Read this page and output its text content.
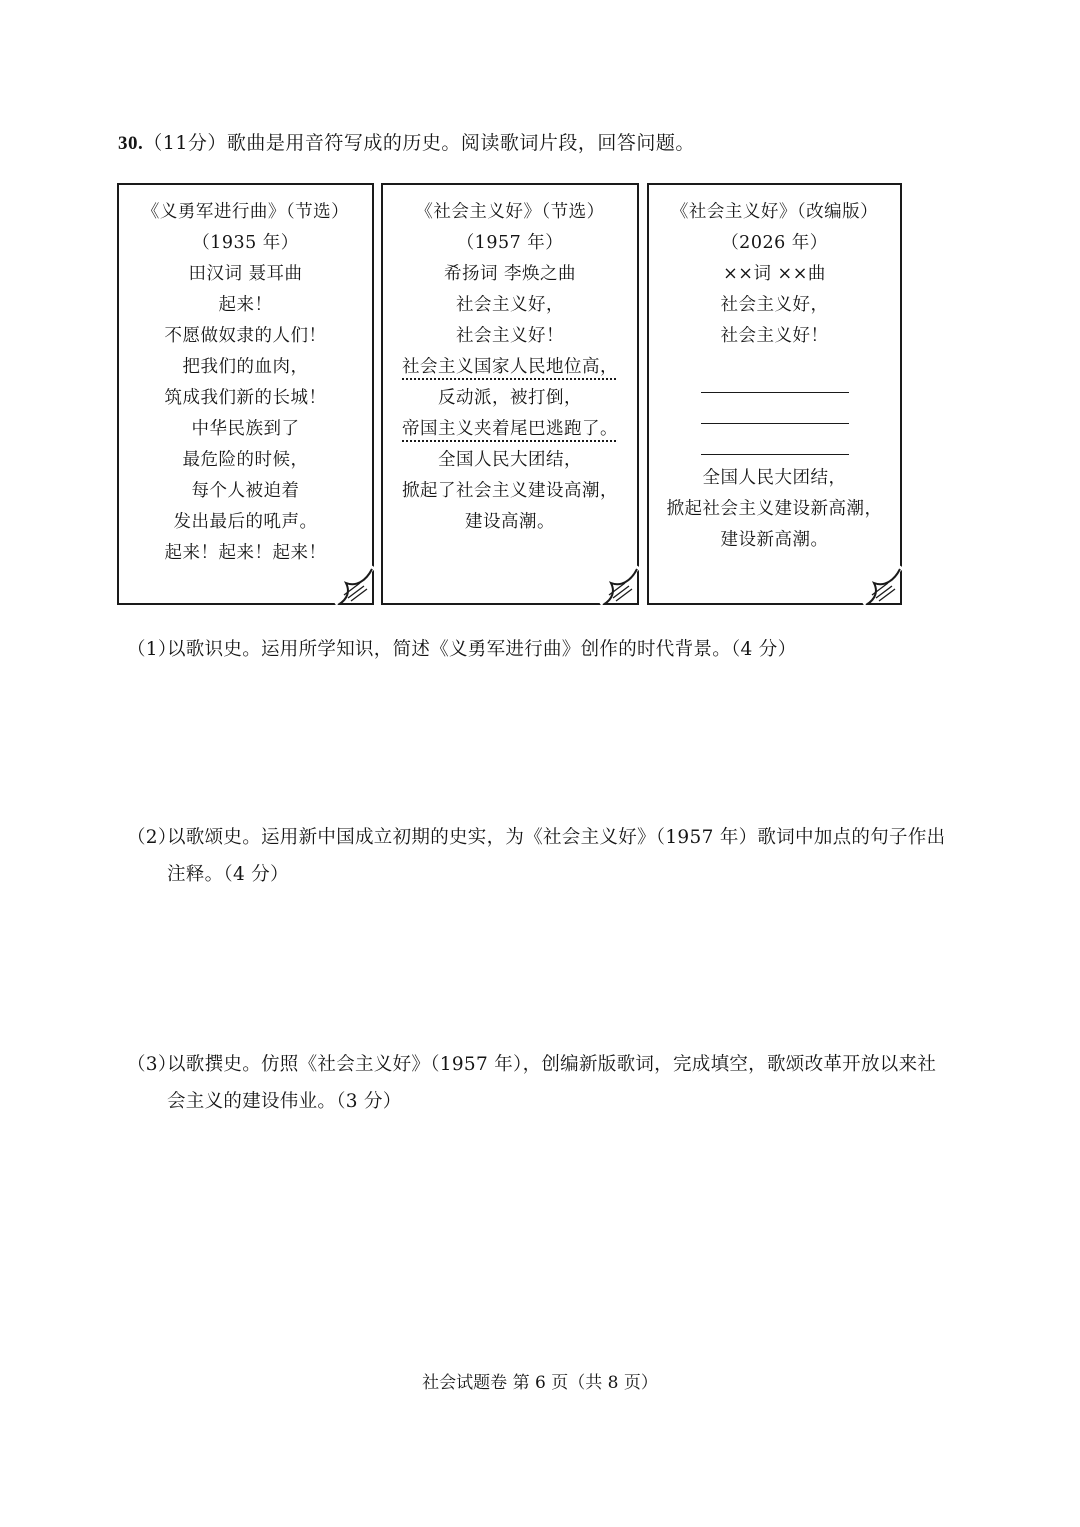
30.（11分）歌曲是用音符写成的历史。阅读歌词片段，回答问题。
《义勇军进行曲》（节选）
（1935 年）
田汉词 聂耳曲
起来！
不愿做奴隶的人们！
把我们的血肉，
筑成我们新的长城！
中华民族到了
最危险的时候，
每个人被迫着
发出最后的吼声。
起来！起来！起来！
《社会主义好》（节选）
（1957 年）
希扬词 李焕之曲
社会主义好，
社会主义好！
社会主义国家人民地位高，
反动派，被打倒，
帝国主义夹着尾巴逃跑了。
全国人民大团结，
掀起了社会主义建设高潮，
建设高潮。
《社会主义好》（改编版）
（2026 年）
××词 ××曲
社会主义好，
社会主义好！
全国人民大团结，
掀起社会主义建设新高潮，
建设新高潮。
（1）以歌识史。运用所学知识，简述《义勇军进行曲》创作的时代背景。（4 分）
（2）以歌颂史。运用新中国成立初期的史实，为《社会主义好》（1957 年）歌词中加点的句子作出
注释。（4 分）
（3）以歌撰史。仿照《社会主义好》（1957 年），创编新版歌词，完成填空，歌颂改革开放以来社
会主义的建设伟业。（3 分）
社会试题卷 第 6 页（共 8 页）
